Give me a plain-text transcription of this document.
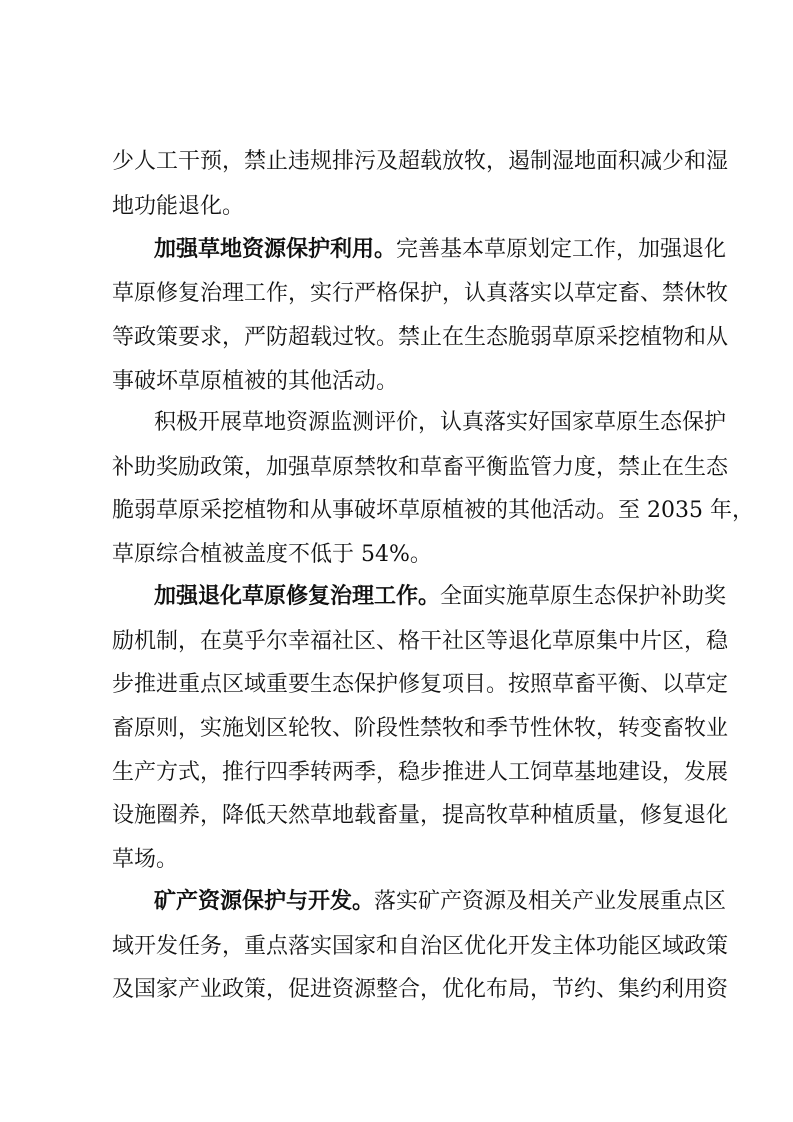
少人工干预，禁止违规排污及超载放牧，遏制湿地面积减少和湿
地功能退化。
加强草地资源保护利用。完善基本草原划定工作，加强退化
草原修复治理工作，实行严格保护，认真落实以草定畜、禁休牧
等政策要求，严防超载过牧。禁止在生态脆弱草原采挖植物和从
事破坏草原植被的其他活动。
积极开展草地资源监测评价，认真落实好国家草原生态保护
补助奖励政策，加强草原禁牧和草畜平衡监管力度，禁止在生态
脆弱草原采挖植物和从事破坏草原植被的其他活动。至 2035 年，
草原综合植被盖度不低于 54%。
加强退化草原修复治理工作。全面实施草原生态保护补助奖
励机制，在莫乎尔幸福社区、格干社区等退化草原集中片区，稳
步推进重点区域重要生态保护修复项目。按照草畜平衡、以草定
畜原则，实施划区轮牧、阶段性禁牧和季节性休牧，转变畜牧业
生产方式，推行四季转两季，稳步推进人工饲草基地建设，发展
设施圈养，降低天然草地载畜量，提高牧草种植质量，修复退化
草场。
矿产资源保护与开发。落实矿产资源及相关产业发展重点区
域开发任务，重点落实国家和自治区优化开发主体功能区域政策
及国家产业政策，促进资源整合，优化布局，节约、集约利用资
